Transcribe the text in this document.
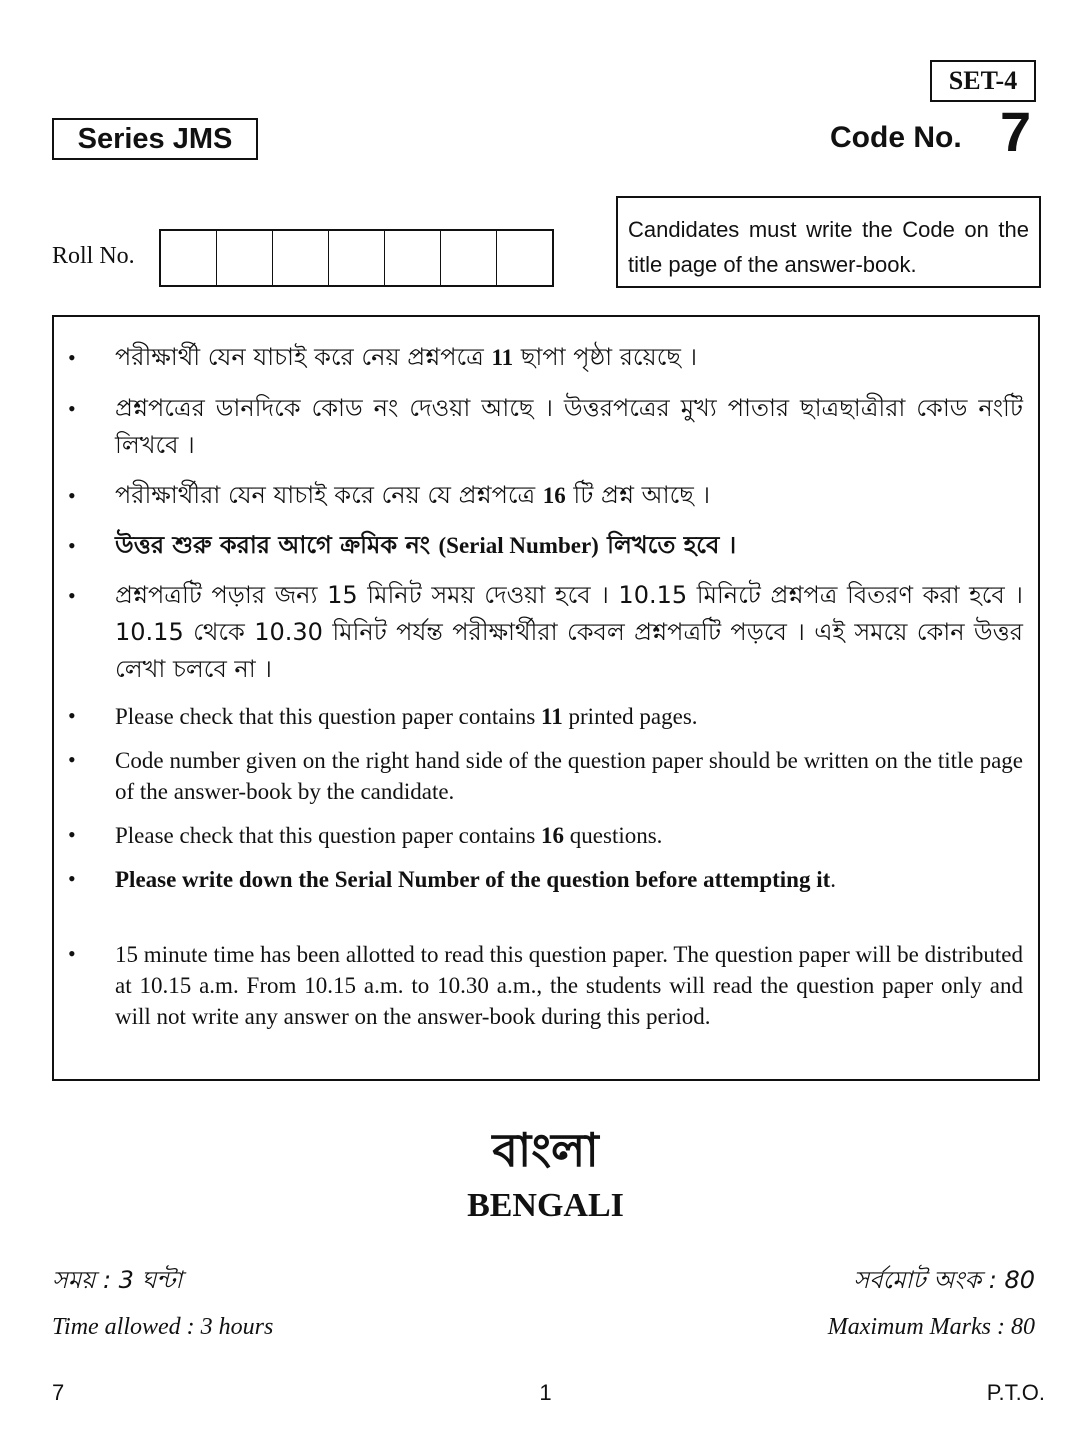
SET-4
Series JMS	Code No. 7
Roll No.
Candidates must write the Code on the title page of the answer-book.
• পরীক্ষার্থী যেন যাচাই করে নেয় প্রশ্নপত্রে 11 ছাপা পৃষ্ঠা রয়েছে ।
• প্রশ্নপত্রের ডানদিকে কোড নং দেওয়া আছে । উত্তরপত্রের মুখ্য পাতার ছাত্রছাত্রীরা কোড নংটি লিখবে ।
• পরীক্ষার্থীরা যেন যাচাই করে নেয় যে প্রশ্নপত্রে 16 টি প্রশ্ন আছে ।
• উত্তর শুরু করার আগে ক্রমিক নং (Serial Number) লিখতে হবে ।
• প্রশ্নপত্রটি পড়ার জন্য 15 মিনিট সময় দেওয়া হবে । 10.15 মিনিটে প্রশ্নপত্র বিতরণ করা হবে । 10.15 থেকে 10.30 মিনিট পর্যন্ত পরীক্ষার্থীরা কেবল প্রশ্নপত্রটি পড়বে । এই সময়ে কোন উত্তর লেখা চলবে না ।
• Please check that this question paper contains 11 printed pages.
• Code number given on the right hand side of the question paper should be written on the title page of the answer-book by the candidate.
• Please check that this question paper contains 16 questions.
• Please write down the Serial Number of the question before attempting it.
• 15 minute time has been allotted to read this question paper. The question paper will be distributed at 10.15 a.m. From 10.15 a.m. to 10.30 a.m., the students will read the question paper only and will not write any answer on the answer-book during this period.
বাংলা
BENGALI
সময় : 3 ঘন্টা	সর্বমোট অংক : 80
Time allowed : 3 hours	Maximum Marks : 80
7	1	P.T.O.
